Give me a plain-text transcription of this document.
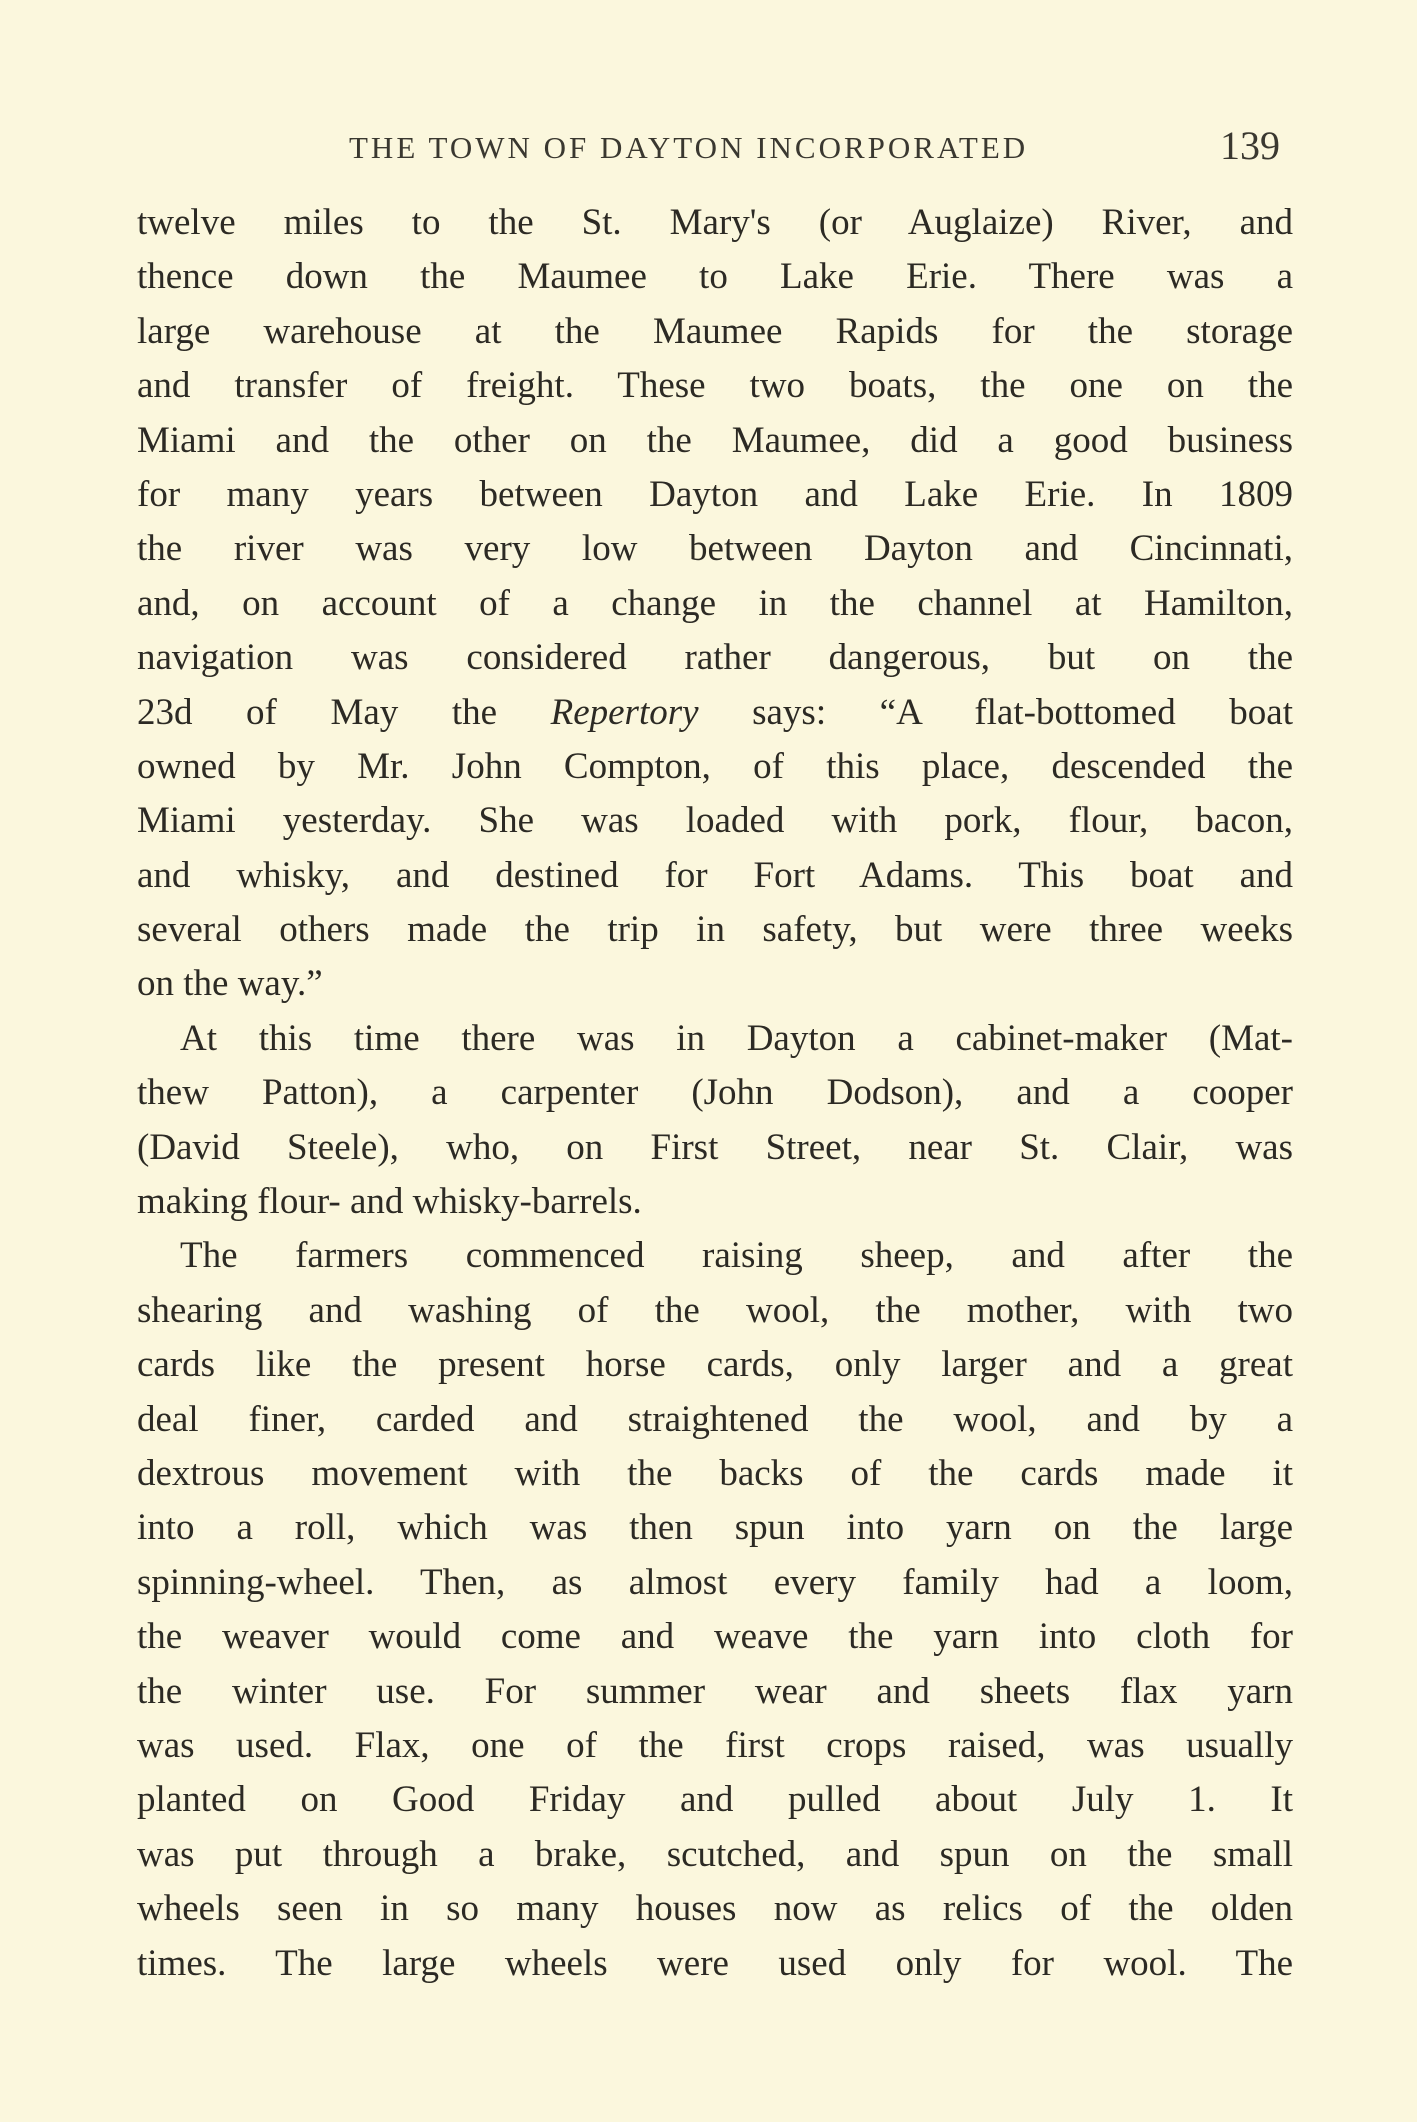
THE TOWN OF DAYTON INCORPORATED	139
twelve miles to the St. Mary's (or Auglaize) River, and
thence down the Maumee to Lake Erie. There was a
large warehouse at the Maumee Rapids for the storage
and transfer of freight. These two boats, the one on the
Miami and the other on the Maumee, did a good business
for many years between Dayton and Lake Erie. In 1809
the river was very low between Dayton and Cincinnati,
and, on account of a change in the channel at Hamilton,
navigation was considered rather dangerous, but on the
23d of May the Repertory says: “A flat-bottomed boat
owned by Mr. John Compton, of this place, descended the
Miami yesterday. She was loaded with pork, flour, bacon,
and whisky, and destined for Fort Adams. This boat and
several others made the trip in safety, but were three weeks
on the way.”
At this time there was in Dayton a cabinet-maker (Mat-
thew Patton), a carpenter (John Dodson), and a cooper
(David Steele), who, on First Street, near St. Clair, was
making flour- and whisky-barrels.
The farmers commenced raising sheep, and after the
shearing and washing of the wool, the mother, with two
cards like the present horse cards, only larger and a great
deal finer, carded and straightened the wool, and by a
dextrous movement with the backs of the cards made it
into a roll, which was then spun into yarn on the large
spinning-wheel. Then, as almost every family had a loom,
the weaver would come and weave the yarn into cloth for
the winter use. For summer wear and sheets flax yarn
was used. Flax, one of the first crops raised, was usually
planted on Good Friday and pulled about July 1. It
was put through a brake, scutched, and spun on the small
wheels seen in so many houses now as relics of the olden
times. The large wheels were used only for wool. The
